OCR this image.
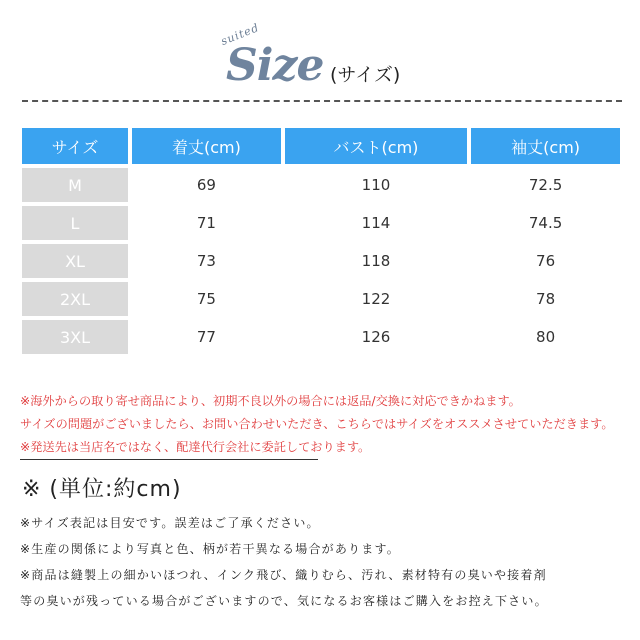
suited
Size (サイズ)
サイズ	着丈(cm)	バスト(cm)	袖丈(cm)
M	69	110	72.5
L	71	114	74.5
XL	73	118	76
2XL	75	122	78
3XL	77	126	80
※海外からの取り寄せ商品により、初期不良以外の場合には返品/交換に対応できかねます。
サイズの問題がございましたら、お問い合わせいただき、こちらではサイズをオススメさせていただきます。
※発送先は当店名ではなく、配達代行会社に委託しております。
※ (単位:約cm)
※サイズ表記は目安です。誤差はご了承ください。
※生産の関係により写真と色、柄が若干異なる場合があります。
※商品は縫製上の細かいほつれ、インク飛び、織りむら、汚れ、素材特有の臭いや接着剤
等の臭いが残っている場合がございますので、気になるお客様はご購入をお控え下さい。
